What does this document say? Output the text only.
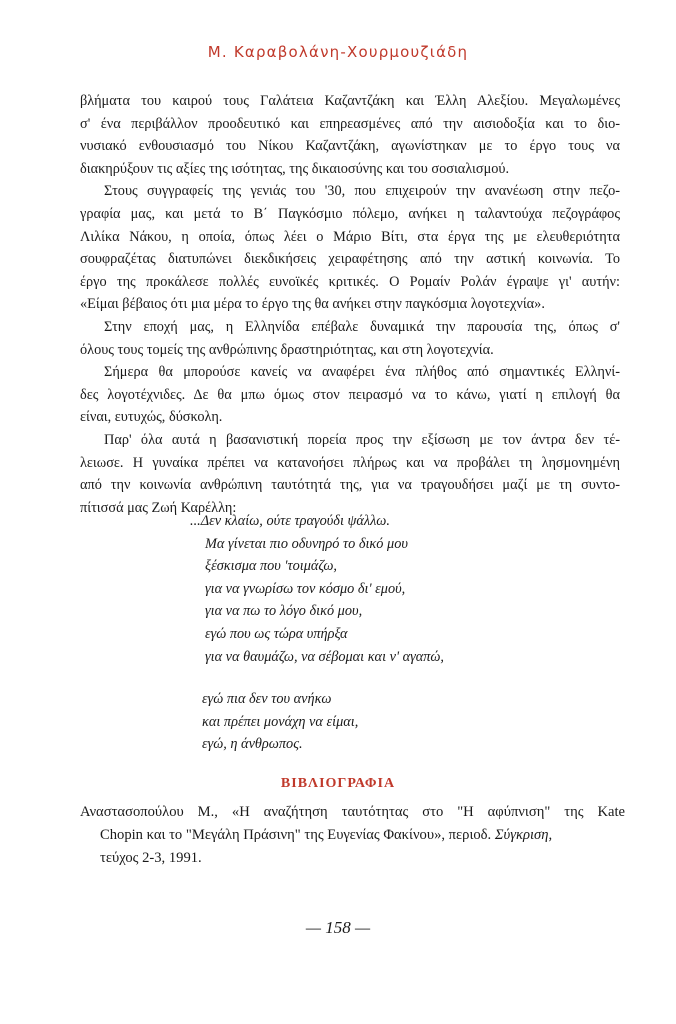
Μ. Καραβολάνη-Χουρμουζιάδη

βλήματα του καιρού τους Γαλάτεια Καζαντζάκη και Έλλη Αλεξίου. Μεγαλωμένες
σ' ένα περιβάλλον προοδευτικό και επηρεασμένες από την αισιοδοξία και το διο-
νυσιακό ενθουσιασμό του Νίκου Καζαντζάκη, αγωνίστηκαν με το έργο τους να
διακηρύξουν τις αξίες της ισότητας, της δικαιοσύνης και του σοσιαλισμού.

Στους συγγραφείς της γενιάς του '30, που επιχειρούν την ανανέωση στην πεζο-
γραφία μας, και μετά το Β΄ Παγκόσμιο πόλεμο, ανήκει η ταλαντούχα πεζογράφος
Λιλίκα Νάκου, η οποία, όπως λέει ο Μάριο Βίτι, στα έργα της με ελευθεριότητα
σουφραζέτας διατυπώνει διεκδικήσεις χειραφέτησης από την αστική κοινωνία. Το
έργο της προκάλεσε πολλές ευνοϊκές κριτικές. Ο Ρομαίν Ρολάν έγραψε γι' αυτήν:
«Είμαι βέβαιος ότι μια μέρα το έργο της θα ανήκει στην παγκόσμια λογοτεχνία».

Στην εποχή μας, η Ελληνίδα επέβαλε δυναμικά την παρουσία της, όπως σ'
όλους τους τομείς της ανθρώπινης δραστηριότητας, και στη λογοτεχνία.

Σήμερα θα μπορούσε κανείς να αναφέρει ένα πλήθος από σημαντικές Ελληνί-
δες λογοτέχνιδες. Δε θα μπω όμως στον πειρασμό να το κάνω, γιατί η επιλογή θα
είναι, ευτυχώς, δύσκολη.

Παρ' όλα αυτά η βασανιστική πορεία προς την εξίσωση με τον άντρα δεν τέ-
λειωσε. Η γυναίκα πρέπει να κατανοήσει πλήρως και να προβάλει τη λησμονημένη
από την κοινωνία ανθρώπινη ταυτότητά της, για να τραγουδήσει μαζί με τη συντο-
πίτισσά μας Ζωή Καρέλλη:

...Δεν κλαίω, ούτε τραγούδι ψάλλω.
Μα γίνεται πιο οδυνηρό το δικό μου
ξέσκισμα που 'τοιμάζω,
για να γνωρίσω τον κόσμο δι' εμού,
για να πω το λόγο δικό μου,
εγώ που ως τώρα υπήρξα
για να θαυμάζω, να σέβομαι και ν' αγαπώ,
εγώ πια δεν του ανήκω
και πρέπει μονάχη να είμαι,
εγώ, η άνθρωπος.
ΒΙΒΛΙΟΓΡΑΦΙΑ
Αναστασοπούλου Μ., «Η αναζήτηση ταυτότητας στο "Η αφύπνιση" της Kate
Chopin και το "Μεγάλη Πράσινη" της Ευγενίας Φακίνου», περιοδ. Σύγκριση,
τεύχος 2-3, 1991.
— 158 —
